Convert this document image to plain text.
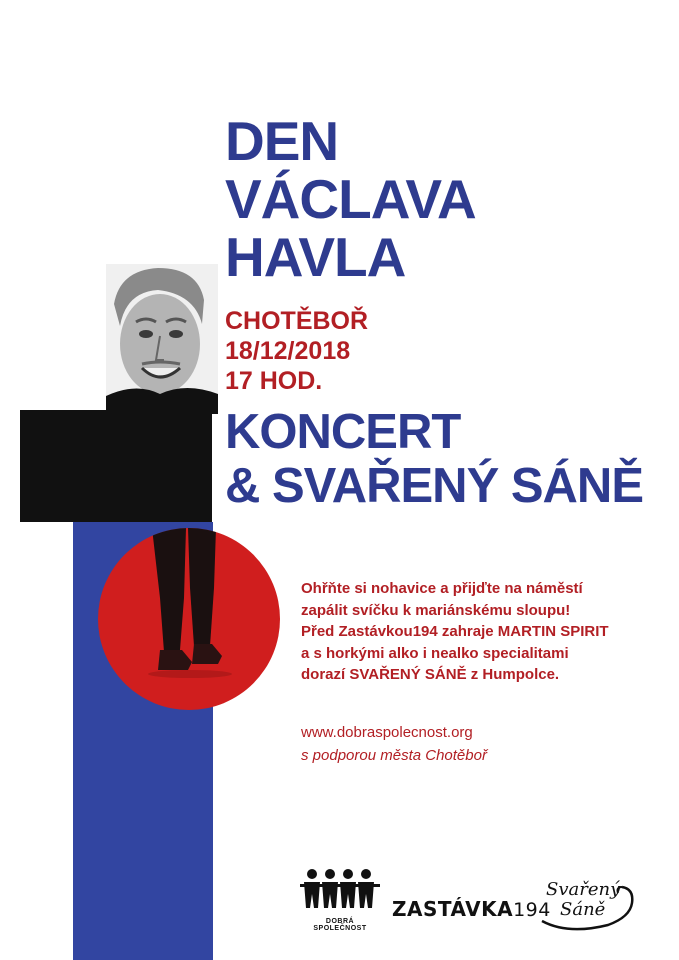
DEN
VÁCLAVA
HAVLA
CHOTĚBOŘ
18/12/2018
17 HOD.
KONCERT
& SVAŘENÝ SÁNĚ
Ohřňte si nohavice a přijďte na náměstí
zapálit svíčku k mariánskému sloupu!
Před Zastávkou194 zahraje MARTIN SPIRIT
a s horkými alko i nealko specialitami
dorazí SVAŘENÝ SÁNĚ z Humpolce.
www.dobraspolecnost.org
s podporou města Chotěboř
DOBRÁ SPOLEČNOST
ZASTÁVKA194
Svařený
Sáně
